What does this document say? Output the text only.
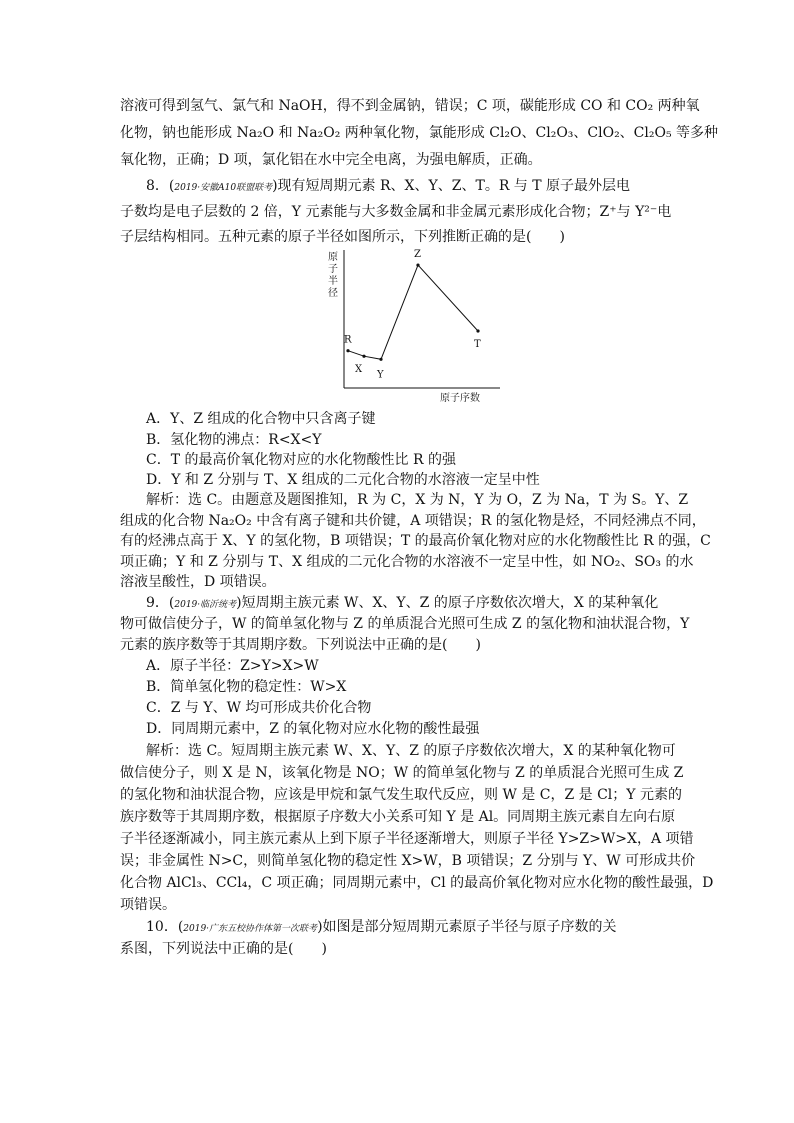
溶液可得到氢气、氯气和 NaOH，得不到金属钠，错误；C 项，碳能形成 CO 和 CO₂ 两种氧
化物，钠也能形成 Na₂O 和 Na₂O₂ 两种氧化物，氯能形成 Cl₂O、Cl₂O₃、ClO₂、Cl₂O₅ 等多种
氧化物，正确；D 项，氯化铝在水中完全电离，为强电解质，正确。
8．(2019·安徽A10联盟联考)现有短周期元素 R、X、Y、Z、T。R 与 T 原子最外层电
子数均是电子层数的 2 倍，Y 元素能与大多数金属和非金属元素形成化合物；Z⁺与 Y²⁻电
子层结构相同。五种元素的原子半径如图所示，下列推断正确的是(　　)
原
子
半
径
R
X Y
Z
T
原子序数
A．Y、Z 组成的化合物中只含离子键
B．氢化物的沸点：R<X<Y
C．T 的最高价氧化物对应的水化物酸性比 R 的强
D．Y 和 Z 分别与 T、X 组成的二元化合物的水溶液一定呈中性
解析：选 C。由题意及题图推知，R 为 C，X 为 N，Y 为 O，Z 为 Na，T 为 S。Y、Z
组成的化合物 Na₂O₂ 中含有离子键和共价键，A 项错误；R 的氢化物是烃，不同烃沸点不同，
有的烃沸点高于 X、Y 的氢化物，B 项错误；T 的最高价氧化物对应的水化物酸性比 R 的强，C
项正确；Y 和 Z 分别与 T、X 组成的二元化合物的水溶液不一定呈中性，如 NO₂、SO₃ 的水
溶液呈酸性，D 项错误。
9．(2019·临沂统考)短周期主族元素 W、X、Y、Z 的原子序数依次增大，X 的某种氧化
物可做信使分子，W 的简单氢化物与 Z 的单质混合光照可生成 Z 的氢化物和油状混合物，Y
元素的族序数等于其周期序数。下列说法中正确的是(　　)
A．原子半径：Z>Y>X>W
B．简单氢化物的稳定性：W>X
C．Z 与 Y、W 均可形成共价化合物
D．同周期元素中，Z 的氧化物对应水化物的酸性最强
解析：选 C。短周期主族元素 W、X、Y、Z 的原子序数依次增大，X 的某种氧化物可
做信使分子，则 X 是 N，该氧化物是 NO；W 的简单氢化物与 Z 的单质混合光照可生成 Z
的氢化物和油状混合物，应该是甲烷和氯气发生取代反应，则 W 是 C，Z 是 Cl；Y 元素的
族序数等于其周期序数，根据原子序数大小关系可知 Y 是 Al。同周期主族元素自左向右原
子半径逐渐减小，同主族元素从上到下原子半径逐渐增大，则原子半径 Y>Z>W>X，A 项错
误；非金属性 N>C，则简单氢化物的稳定性 X>W，B 项错误；Z 分别与 Y、W 可形成共价
化合物 AlCl₃、CCl₄，C 项正确；同周期元素中，Cl 的最高价氧化物对应水化物的酸性最强，D
项错误。
10．(2019·广东五校协作体第一次联考)如图是部分短周期元素原子半径与原子序数的关
系图，下列说法中正确的是(　　)
